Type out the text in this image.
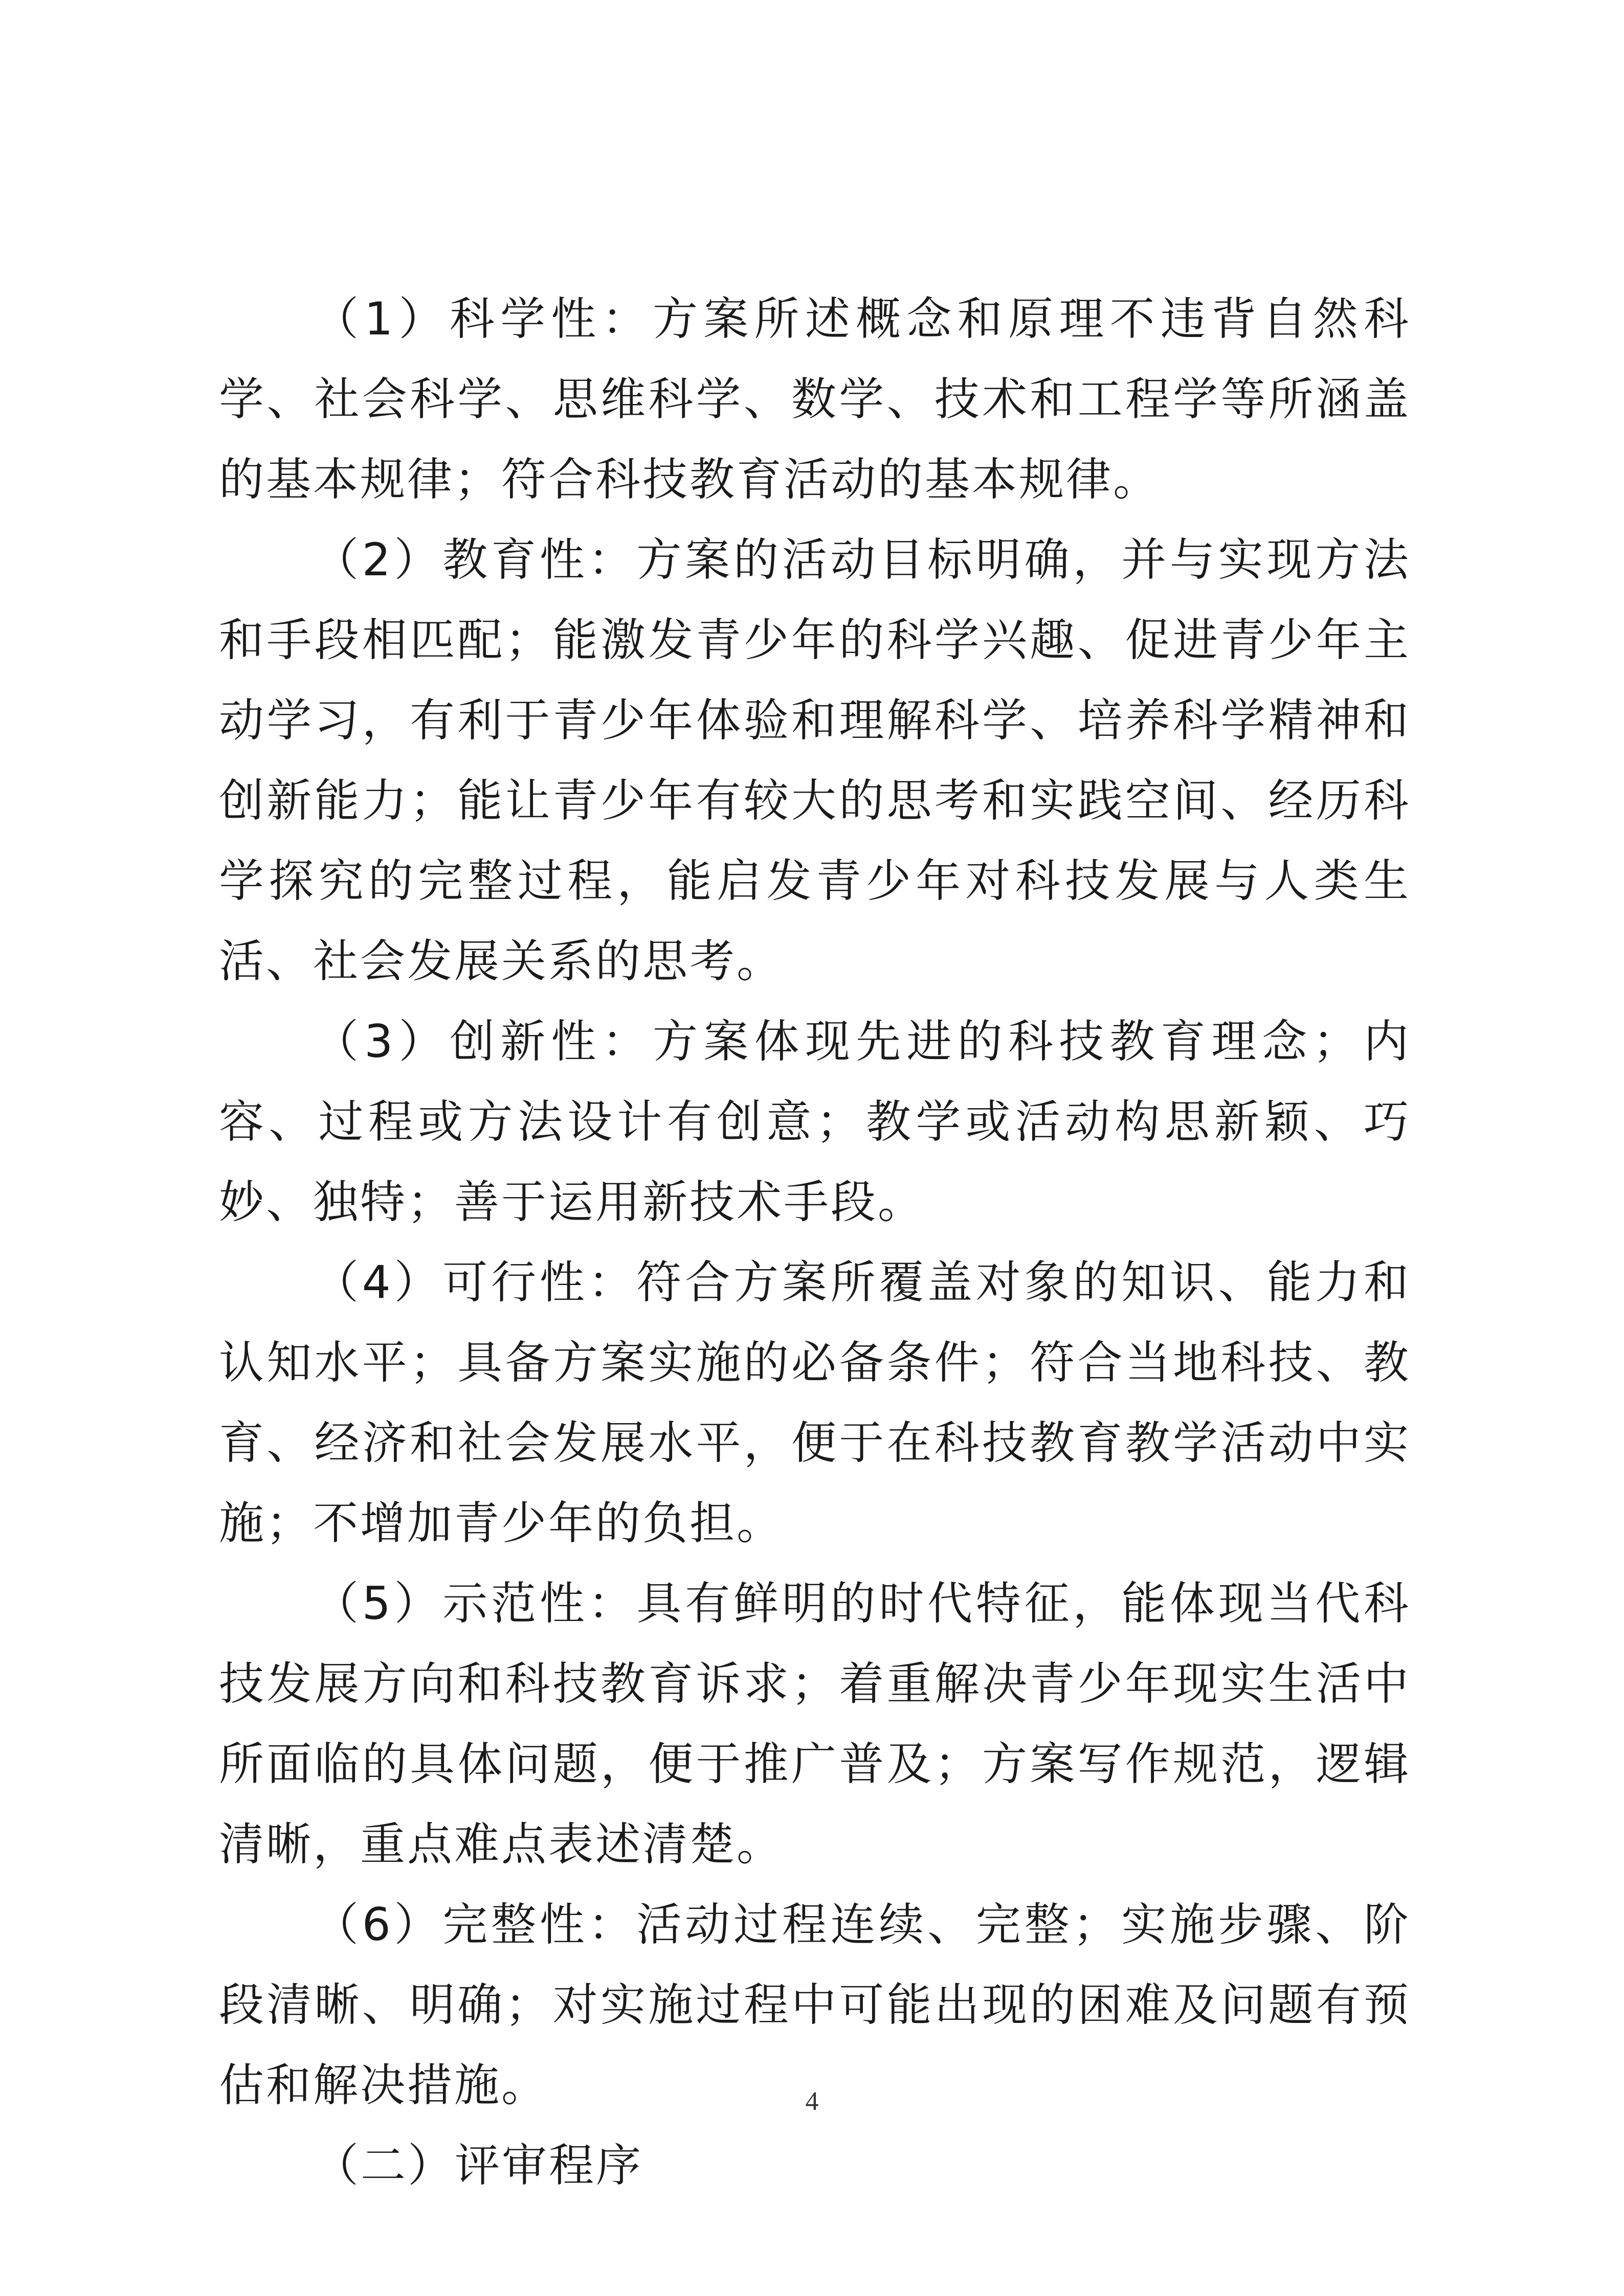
（1）科学性：方案所述概念和原理不违背自然科学、社会科学、思维科学、数学、技术和工程学等所涵盖的基本规律；符合科技教育活动的基本规律。

（2）教育性：方案的活动目标明确，并与实现方法和手段相匹配；能激发青少年的科学兴趣、促进青少年主动学习，有利于青少年体验和理解科学、培养科学精神和创新能力；能让青少年有较大的思考和实践空间、经历科学探究的完整过程，能启发青少年对科技发展与人类生活、社会发展关系的思考。

（3）创新性：方案体现先进的科技教育理念；内容、过程或方法设计有创意；教学或活动构思新颖、巧妙、独特；善于运用新技术手段。

（4）可行性：符合方案所覆盖对象的知识、能力和认知水平；具备方案实施的必备条件；符合当地科技、教育、经济和社会发展水平，便于在科技教育教学活动中实施；不增加青少年的负担。

（5）示范性：具有鲜明的时代特征，能体现当代科技发展方向和科技教育诉求；着重解决青少年现实生活中所面临的具体问题，便于推广普及；方案写作规范，逻辑清晰，重点难点表述清楚。

（6）完整性：活动过程连续、完整；实施步骤、阶段清晰、明确；对实施过程中可能出现的困难及问题有预估和解决措施。

（二）评审程序

4
